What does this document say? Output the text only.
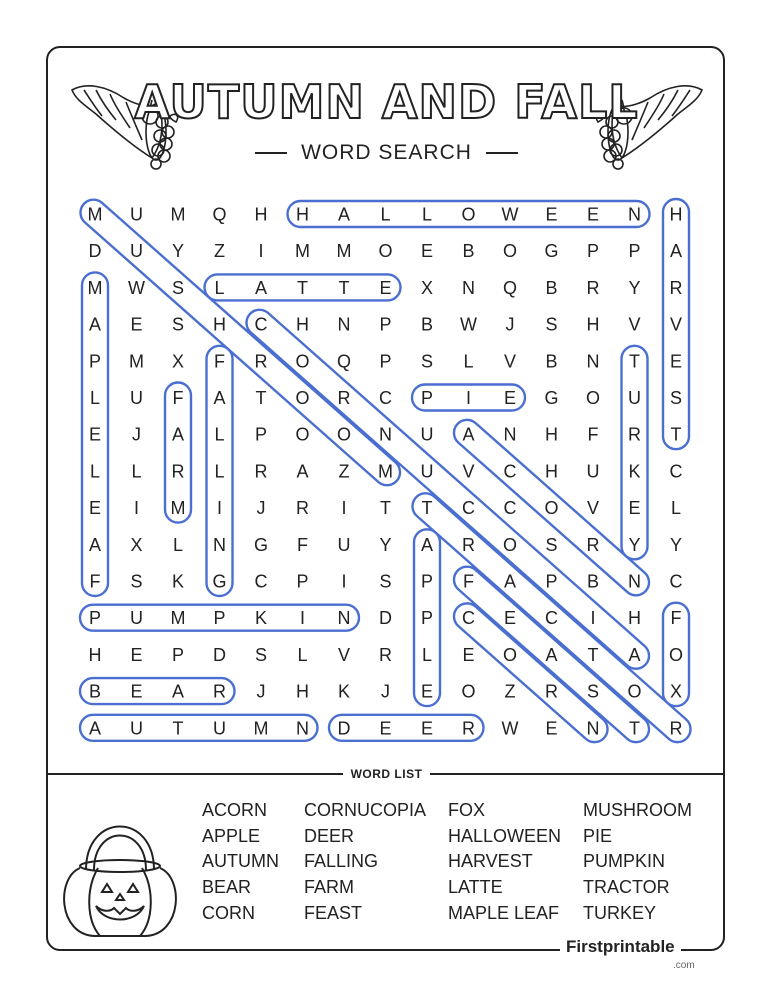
AUTUMN AND FALL
WORD SEARCH
M U M Q H H A L L O W E E N H
D U Y Z I M M O E B O G P P A
M W S L A T T E X N Q B R Y R
A E S H C H N P B W J S H V V
P M X F R O Q P S L V B N T E
L U F A T O R C P I E G O U S
E J A L P O O N U A N H F R T
L L R L R A Z M U V C H U K C
E I M I J R I T T C C O V E L
A X L N G F U Y A R O S R Y Y
F S K G C P I S P F A P B N C
P U M P K I N D P C E C I H F
H E P D S L V R L E O A T A O
B E A R J H K J E O Z R S O X
A U T U M N D E E R W E N T R
WORD LIST
ACORN
APPLE
AUTUMN
BEAR
CORN
CORNUCOPIA
DEER
FALLING
FARM
FEAST
FOX
HALLOWEEN
HARVEST
LATTE
MAPLE LEAF
MUSHROOM
PIE
PUMPKIN
TRACTOR
TURKEY
Firstprintable
.com
